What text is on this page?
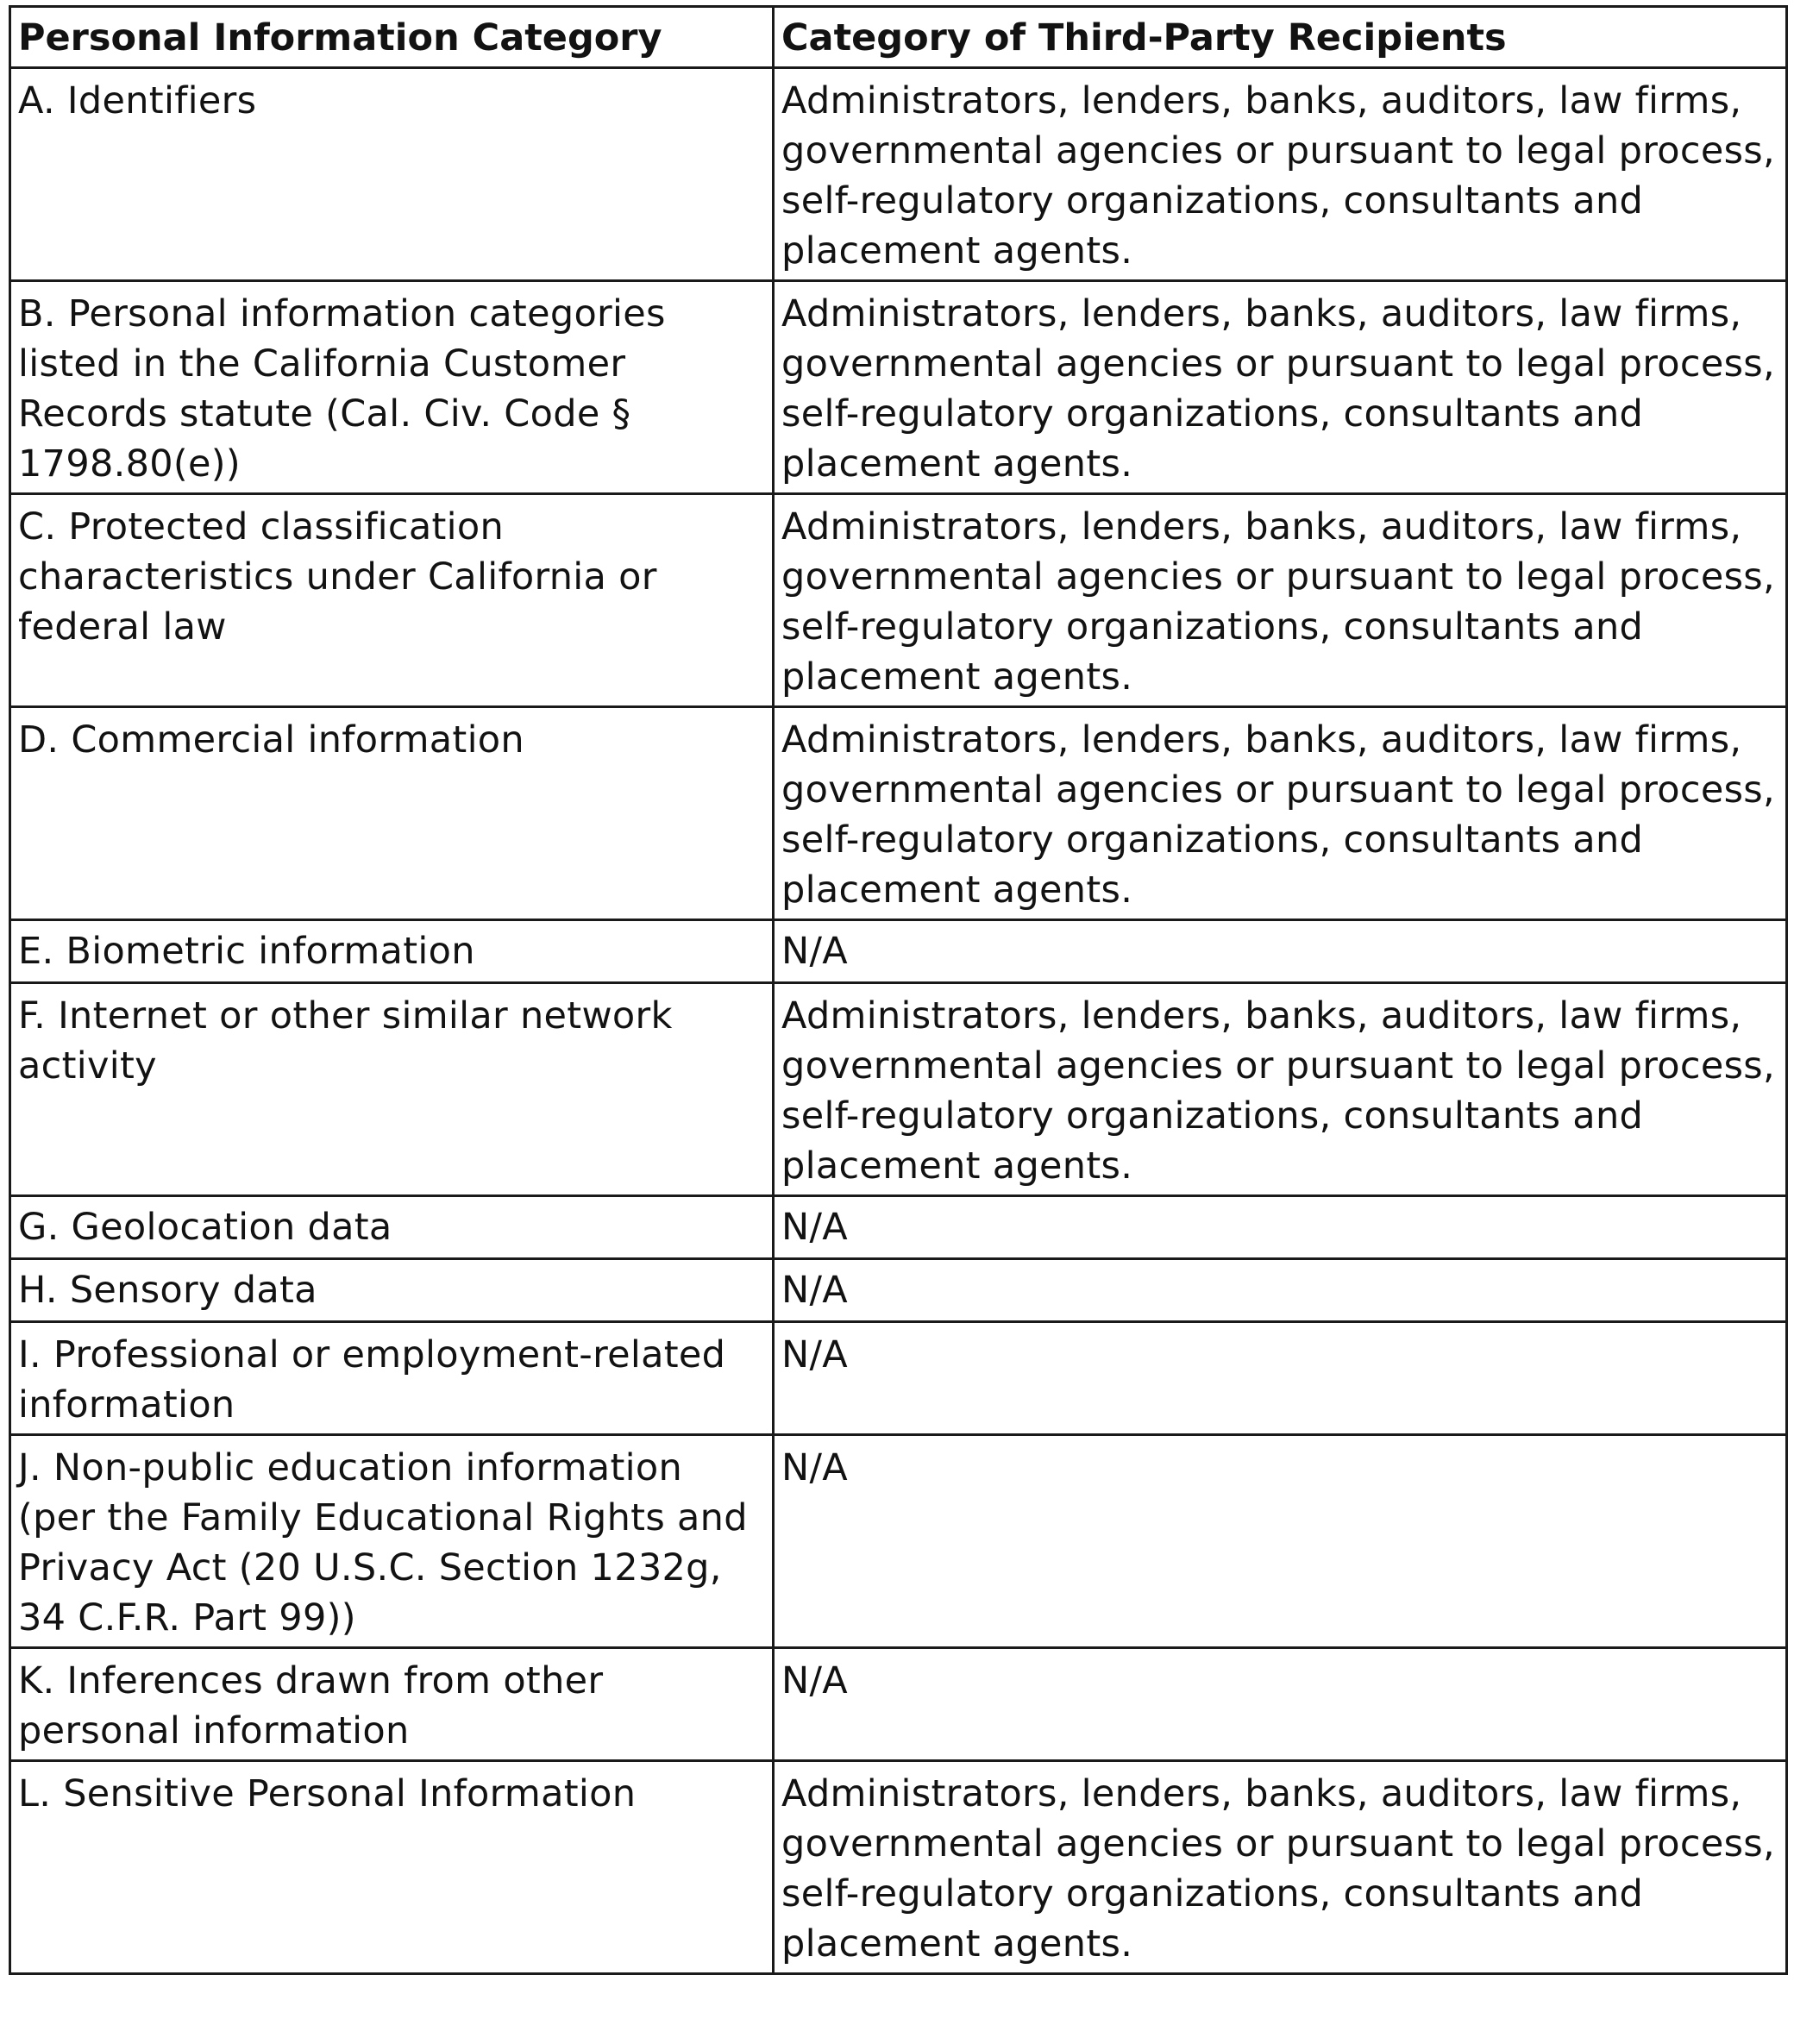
Personal Information Category	Category of Third-Party Recipients
A. Identifiers	Administrators, lenders, banks, auditors, law firms, governmental agencies or pursuant to legal process, self-regulatory organizations, consultants and placement agents.
B. Personal information categories listed in the California Customer Records statute (Cal. Civ. Code § 1798.80(e))	Administrators, lenders, banks, auditors, law firms, governmental agencies or pursuant to legal process, self-regulatory organizations, consultants and placement agents.
C. Protected classification characteristics under California or federal law	Administrators, lenders, banks, auditors, law firms, governmental agencies or pursuant to legal process, self-regulatory organizations, consultants and placement agents.
D. Commercial information	Administrators, lenders, banks, auditors, law firms, governmental agencies or pursuant to legal process, self-regulatory organizations, consultants and placement agents.
E. Biometric information	N/A
F. Internet or other similar network activity	Administrators, lenders, banks, auditors, law firms, governmental agencies or pursuant to legal process, self-regulatory organizations, consultants and placement agents.
G. Geolocation data	N/A
H. Sensory data	N/A
I. Professional or employment-related information	N/A
J. Non-public education information (per the Family Educational Rights and Privacy Act (20 U.S.C. Section 1232g, 34 C.F.R. Part 99))	N/A
K. Inferences drawn from other personal information	N/A
L. Sensitive Personal Information	Administrators, lenders, banks, auditors, law firms, governmental agencies or pursuant to legal process, self-regulatory organizations, consultants and placement agents.
